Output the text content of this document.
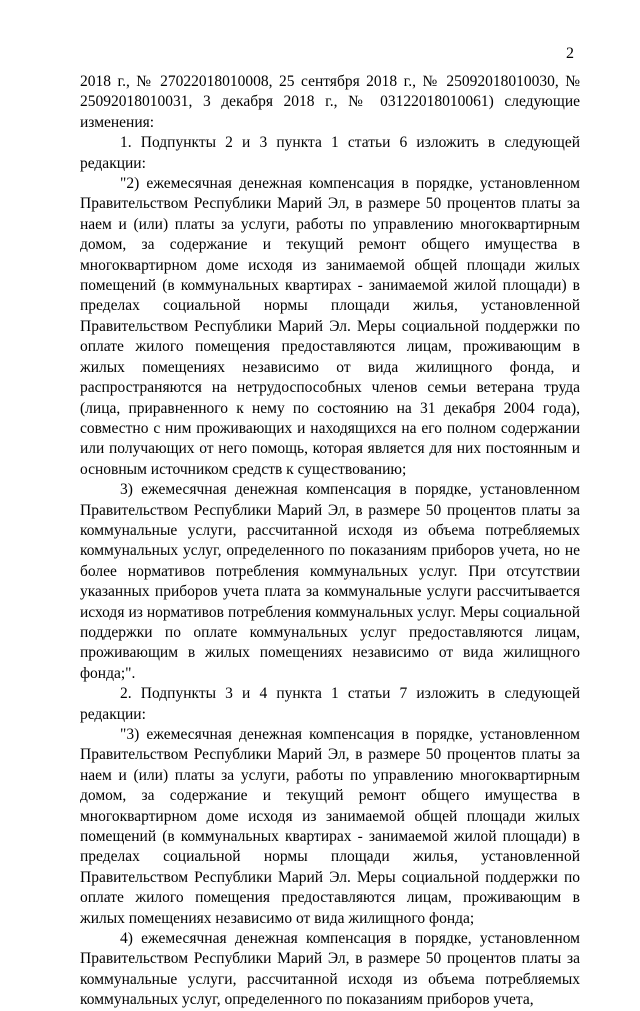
2

2018 г., № 27022018010008, 25 сентября 2018 г., № 25092018010030, № 25092018010031, 3 декабря 2018 г., № 03122018010061) следующие изменения:

1. Подпункты 2 и 3 пункта 1 статьи 6 изложить в следующей редакции:

"2) ежемесячная денежная компенсация в порядке, установленном Правительством Республики Марий Эл, в размере 50 процентов платы за наем и (или) платы за услуги, работы по управлению многоквартирным домом, за содержание и текущий ремонт общего имущества в многоквартирном доме исходя из занимаемой общей площади жилых помещений (в коммунальных квартирах - занимаемой жилой площади) в пределах социальной нормы площади жилья, установленной Правительством Республики Марий Эл. Меры социальной поддержки по оплате жилого помещения предоставляются лицам, проживающим в жилых помещениях независимо от вида жилищного фонда, и распространяются на нетрудоспособных членов семьи ветерана труда (лица, приравненного к нему по состоянию на 31 декабря 2004 года), совместно с ним проживающих и находящихся на его полном содержании или получающих от него помощь, которая является для них постоянным и основным источником средств к существованию;

3) ежемесячная денежная компенсация в порядке, установленном Правительством Республики Марий Эл, в размере 50 процентов платы за коммунальные услуги, рассчитанной исходя из объема потребляемых коммунальных услуг, определенного по показаниям приборов учета, но не более нормативов потребления коммунальных услуг. При отсутствии указанных приборов учета плата за коммунальные услуги рассчитывается исходя из нормативов потребления коммунальных услуг. Меры социальной поддержки по оплате коммунальных услуг предоставляются лицам, проживающим в жилых помещениях независимо от вида жилищного фонда;".

2. Подпункты 3 и 4 пункта 1 статьи 7 изложить в следующей редакции:

"3) ежемесячная денежная компенсация в порядке, установленном Правительством Республики Марий Эл, в размере 50 процентов платы за наем и (или) платы за услуги, работы по управлению многоквартирным домом, за содержание и текущий ремонт общего имущества в многоквартирном доме исходя из занимаемой общей площади жилых помещений (в коммунальных квартирах - занимаемой жилой площади) в пределах социальной нормы площади жилья, установленной Правительством Республики Марий Эл. Меры социальной поддержки по оплате жилого помещения предоставляются лицам, проживающим в жилых помещениях независимо от вида жилищного фонда;

4) ежемесячная денежная компенсация в порядке, установленном Правительством Республики Марий Эл, в размере 50 процентов платы за коммунальные услуги, рассчитанной исходя из объема потребляемых коммунальных услуг, определенного по показаниям приборов учета,
